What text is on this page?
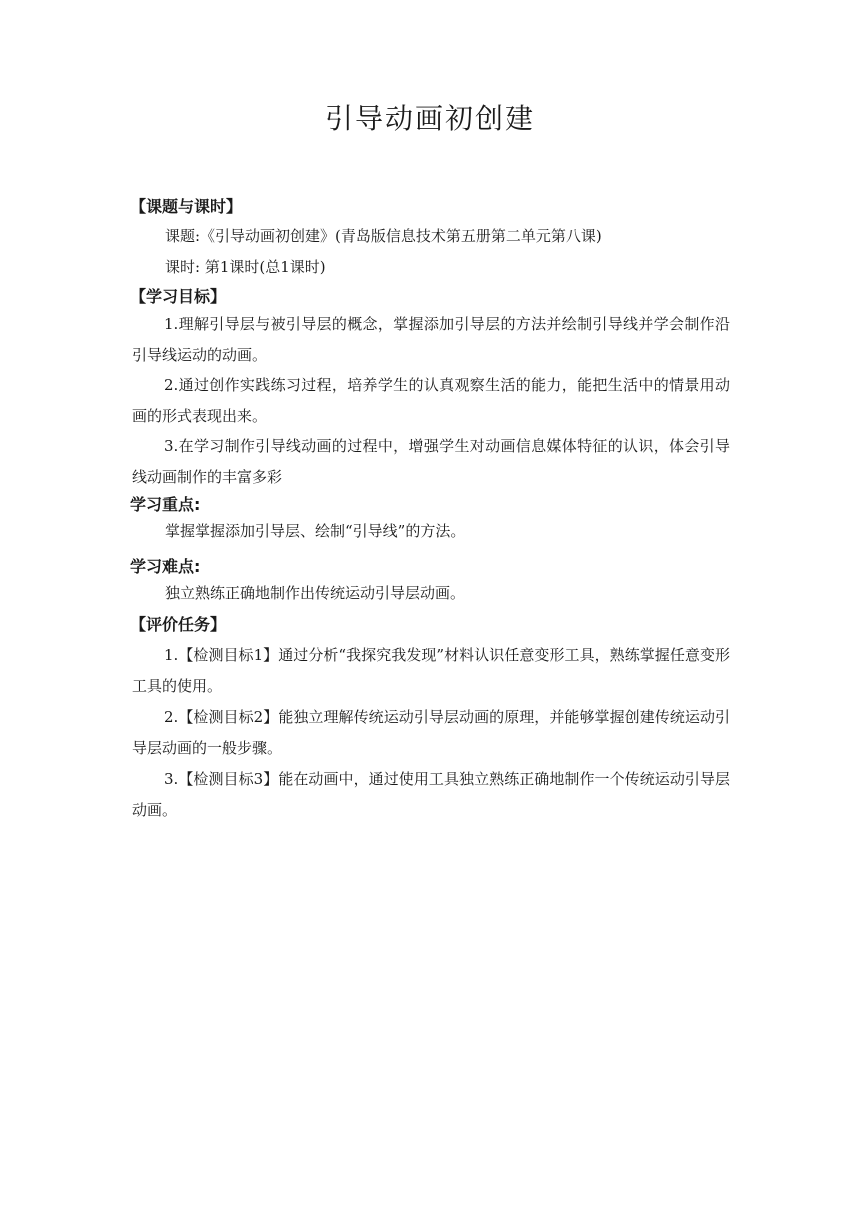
引导动画初创建
【课题与课时】
课题:《引导动画初创建》(青岛版信息技术第五册第二单元第八课)
课时: 第1课时(总1课时)
【学习目标】

1.理解引导层与被引导层的概念，掌握添加引导层的方法并绘制引导线并学会制作沿引导线运动的动画。

2.通过创作实践练习过程，培养学生的认真观察生活的能力，能把生活中的情景用动画的形式表现出来。

3.在学习制作引导线动画的过程中，增强学生对动画信息媒体特征的认识，体会引导线动画制作的丰富多彩

学习重点:
掌握掌握添加引导层、绘制“引导线”的方法。
学习难点:
独立熟练正确地制作出传统运动引导层动画。
【评价任务】

1.【检测目标1】通过分析“我探究我发现”材料认识任意变形工具，熟练掌握任意变形工具的使用。

2.【检测目标2】能独立理解传统运动引导层动画的原理，并能够掌握创建传统运动引导层动画的一般步骤。

3.【检测目标3】能在动画中，通过使用工具独立熟练正确地制作一个传统运动引导层动画。
